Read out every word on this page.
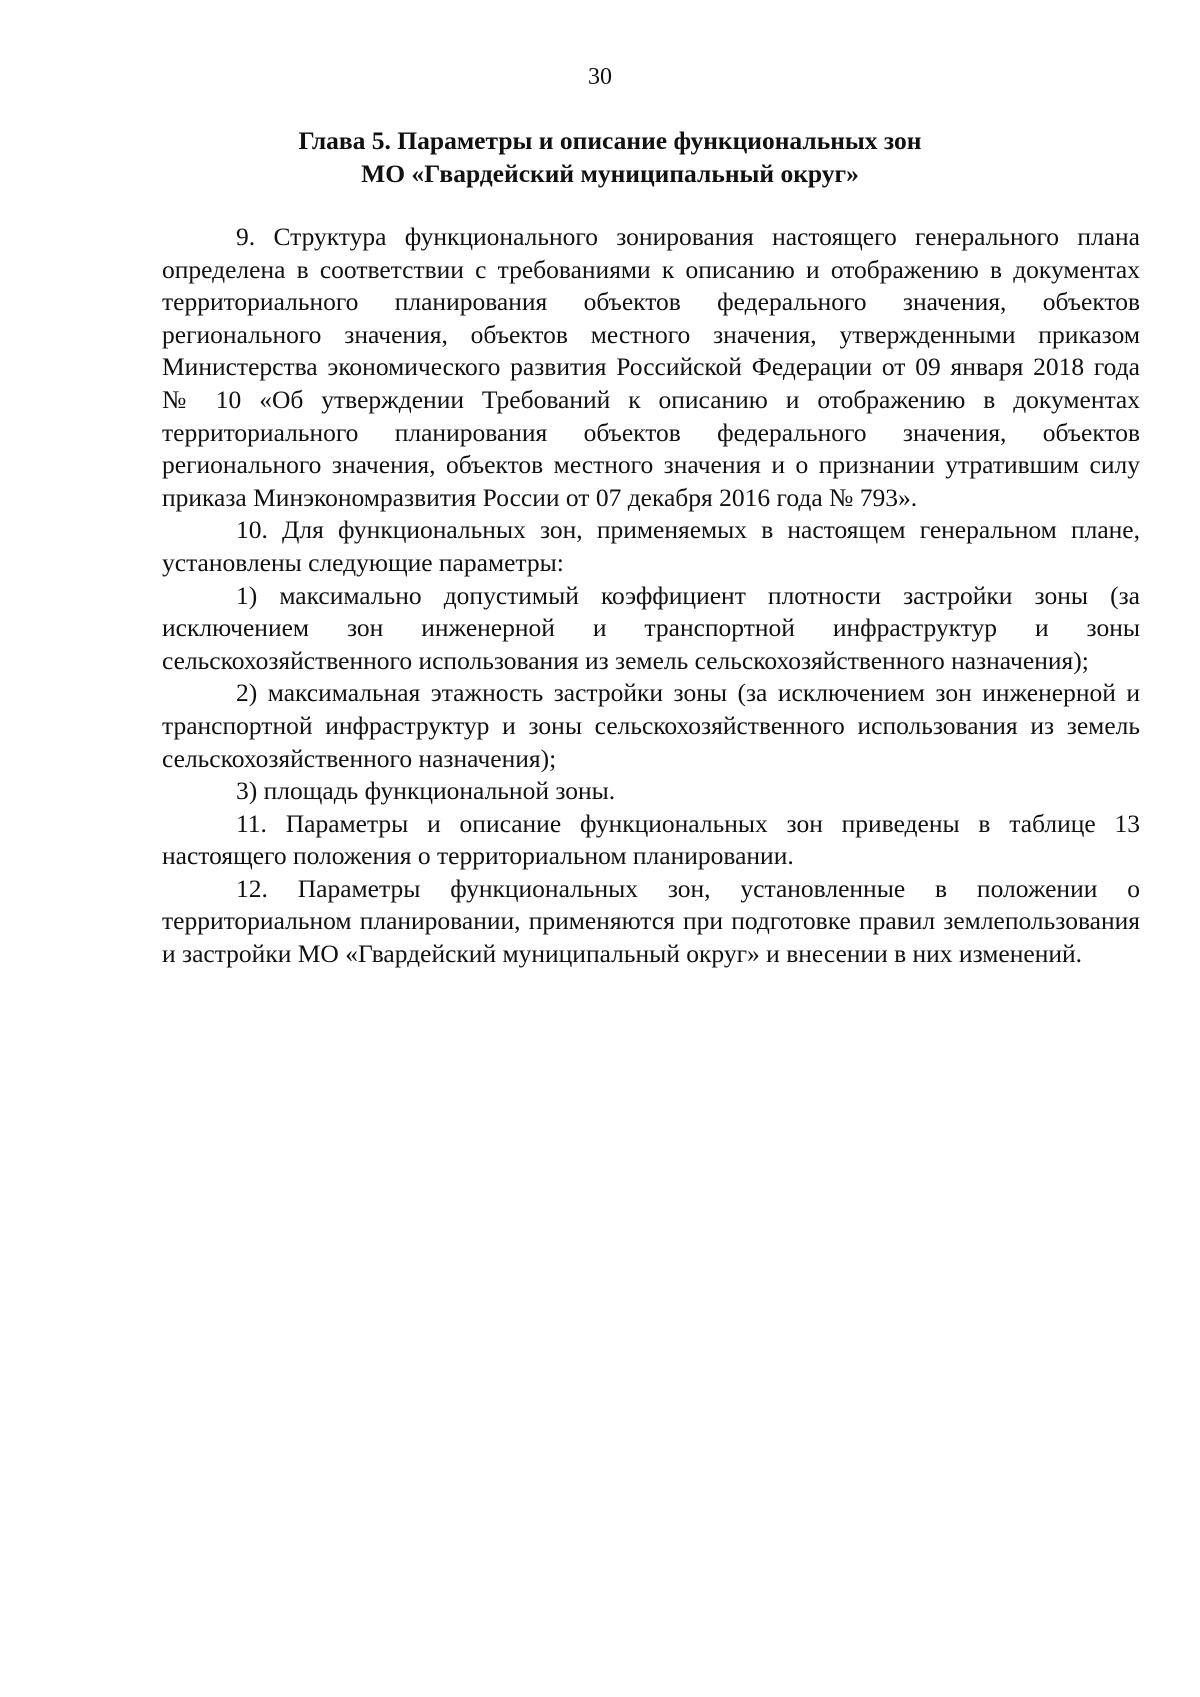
30
Глава 5. Параметры и описание функциональных зон
МО «Гвардейский муниципальный округ»

9. Структура функционального зонирования настоящего генерального плана определена в соответствии с требованиями к описанию и отображению в документах территориального планирования объектов федерального значения, объектов регионального значения, объектов местного значения, утвержденными приказом Министерства экономического развития Российской Федерации от 09 января 2018 года № 10 «Об утверждении Требований к описанию и отображению в документах территориального планирования объектов федерального значения, объектов регионального значения, объектов местного значения и о признании утратившим силу приказа Минэкономразвития России от 07 декабря 2016 года № 793».

10. Для функциональных зон, применяемых в настоящем генеральном плане, установлены следующие параметры:

1) максимально допустимый коэффициент плотности застройки зоны (за исключением зон инженерной и транспортной инфраструктур и зоны сельскохозяйственного использования из земель сельскохозяйственного назначения);

2) максимальная этажность застройки зоны (за исключением зон инженерной и транспортной инфраструктур и зоны сельскохозяйственного использования из земель сельскохозяйственного назначения);

3) площадь функциональной зоны.

11. Параметры и описание функциональных зон приведены в таблице 13 настоящего положения о территориальном планировании.

12. Параметры функциональных зон, установленные в положении о территориальном планировании, применяются при подготовке правил землепользования и застройки МО «Гвардейский муниципальный округ» и внесении в них изменений.
